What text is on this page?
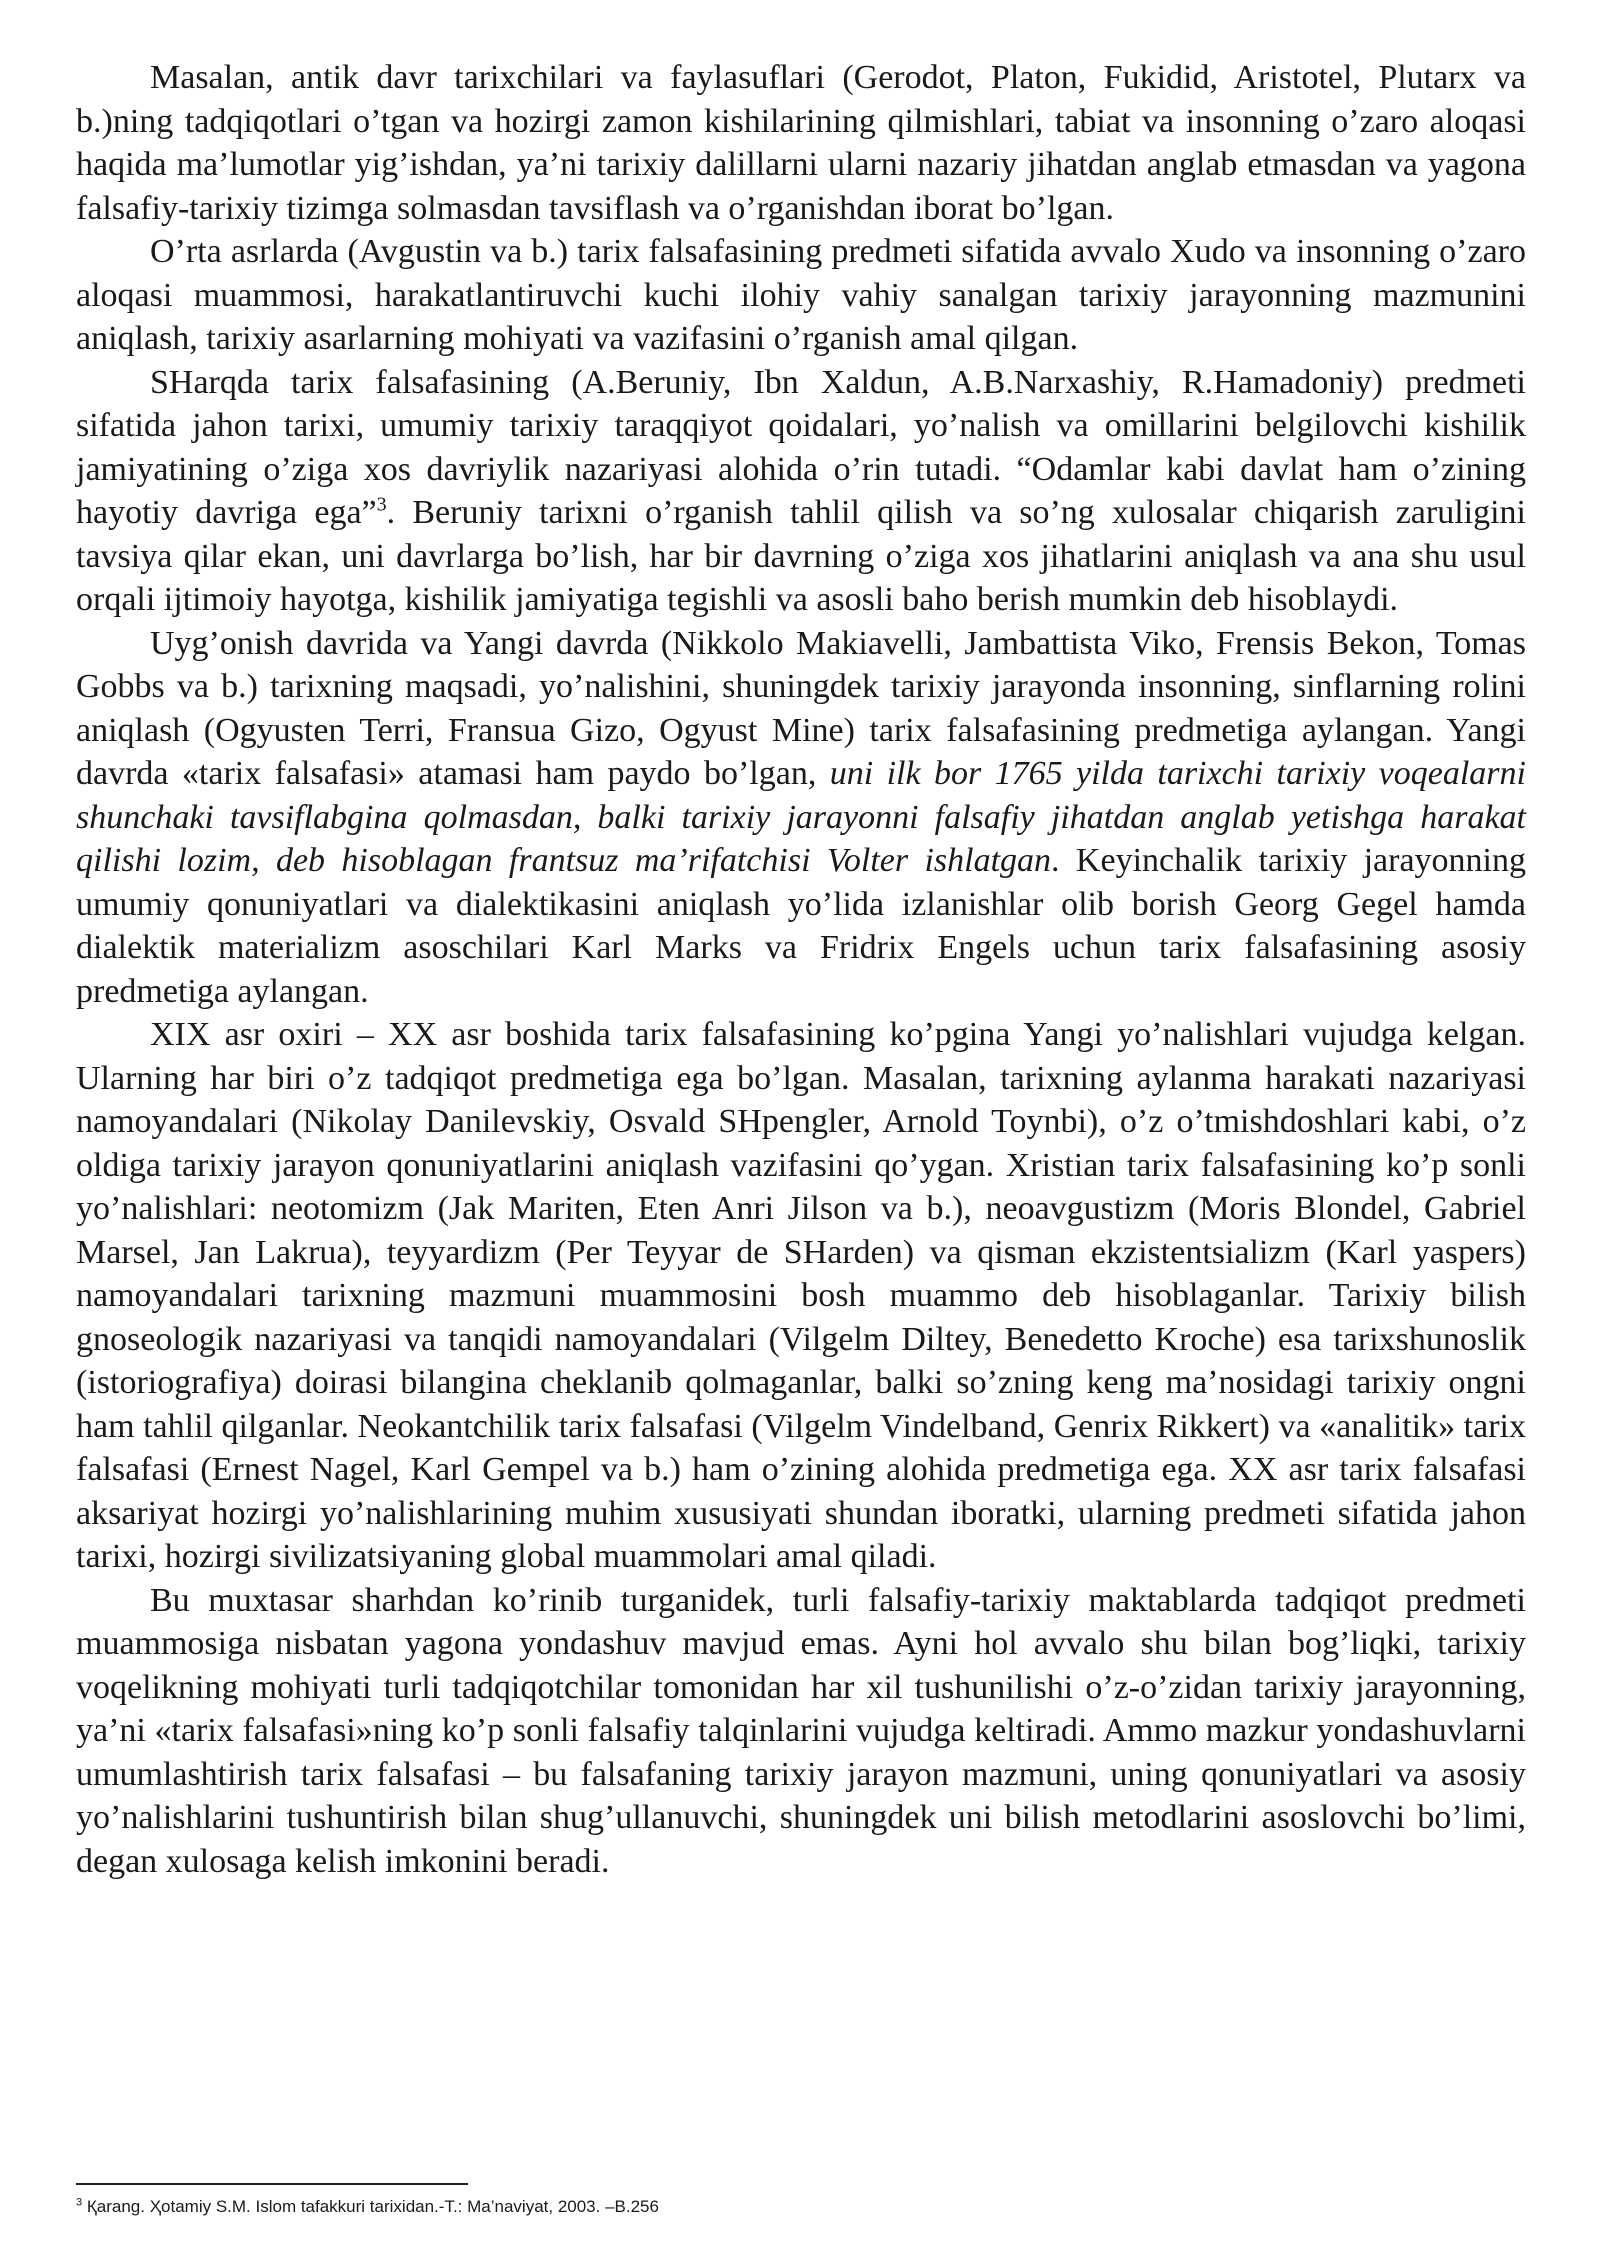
Masalan, antik davr tarixchilari va faylasuflari (Gerodot, Platon, Fukidid, Aristotel, Plutarx va b.)ning tadqiqotlari o’tgan va hozirgi zamon kishilarining qilmishlari, tabiat va insonning o’zaro aloqasi haqida ma’lumotlar yig’ishdan, ya’ni tarixiy dalillarni ularni nazariy jihatdan anglab etmasdan va yagona falsafiy-tarixiy tizimga solmasdan tavsiflash va o’rganishdan iborat bo’lgan.

O’rta asrlarda (Avgustin va b.) tarix falsafasining predmeti sifatida avvalo Xudo va insonning o’zaro aloqasi muammosi, harakatlantiruvchi kuchi ilohiy vahiy sanalgan tarixiy jarayonning mazmunini aniqlash, tarixiy asarlarning mohiyati va vazifasini o’rganish amal qilgan.

SHarqda tarix falsafasining (A.Beruniy, Ibn Xaldun, A.B.Narxashiy, R.Hamadoniy) predmeti sifatida jahon tarixi, umumiy tarixiy taraqqiyot qoidalari, yo’nalish va omillarini belgilovchi kishilik jamiyatining o’ziga xos davriylik nazariyasi alohida o’rin tutadi. “Odamlar kabi davlat ham o’zining hayotiy davriga ega”$^3$. Beruniy tarixni o’rganish tahlil qilish va so’ng xulosalar chiqarish zaruligini tavsiya qilar ekan, uni davrlarga bo’lish, har bir davrning o’ziga xos jihatlarini aniqlash va ana shu usul orqali ijtimoiy hayotga, kishilik jamiyatiga tegishli va asosli baho berish mumkin deb hisoblaydi.

Uyg’onish davrida va Yangi davrda (Nikkolo Makiavelli, Jambattista Viko, Frensis Bekon, Tomas Gobbs va b.) tarixning maqsadi, yo’nalishini, shuningdek tarixiy jarayonda insonning, sinflarning rolini aniqlash (Ogyusten Terri, Fransua Gizo, Ogyust Mine) tarix falsafasining predmetiga aylangan. Yangi davrda «tarix falsafasi» atamasi ham paydo bo’lgan, uni ilk bor 1765 yilda tarixchi tarixiy voqealarni shunchaki tavsiflabgina qolmasdan, balki tarixiy jarayonni falsafiy jihatdan anglab yetishga harakat qilishi lozim, deb hisoblagan frantsuz ma’rifatchisi Volter ishlatgan. Keyinchalik tarixiy jarayonning umumiy qonuniyatlari va dialektikasini aniqlash yo’lida izlanishlar olib borish Georg Gegel hamda dialektik materializm asoschilari Karl Marks va Fridrix Engels uchun tarix falsafasining asosiy predmetiga aylangan.

XIX asr oxiri – XX asr boshida tarix falsafasining ko’pgina Yangi yo’nalishlari vujudga kelgan. Ularning har biri o’z tadqiqot predmetiga ega bo’lgan. Masalan, tarixning aylanma harakati nazariyasi namoyandalari (Nikolay Danilevskiy, Osvald SHpengler, Arnold Toynbi), o’z o’tmishdoshlari kabi, o’z oldiga tarixiy jarayon qonuniyatlarini aniqlash vazifasini qo’ygan. Xristian tarix falsafasining ko’p sonli yo’nalishlari: neotomizm (Jak Mariten, Eten Anri Jilson va b.), neoavgustizm (Moris Blondel, Gabriel Marsel, Jan Lakrua), teyyardizm (Per Teyyar de SHarden) va qisman ekzistentsializm (Karl yaspers) namoyandalari tarixning mazmuni muammosini bosh muammo deb hisoblaganlar. Tarixiy bilish gnoseologik nazariyasi va tanqidi namoyandalari (Vilgelm Diltey, Benedetto Kroche) esa tarixshunoslik (istoriografiya) doirasi bilangina cheklanib qolmaganlar, balki so’zning keng ma’nosidagi tarixiy ongni ham tahlil qilganlar. Neokantchilik tarix falsafasi (Vilgelm Vindelband, Genrix Rikkert) va «analitik» tarix falsafasi (Ernest Nagel, Karl Gempel va b.) ham o’zining alohida predmetiga ega. XX asr tarix falsafasi aksariyat hozirgi yo’nalishlarining muhim xususiyati shundan iboratki, ularning predmeti sifatida jahon tarixi, hozirgi sivilizatsiyaning global muammolari amal qiladi.

Bu muxtasar sharhdan ko’rinib turganidek, turli falsafiy-tarixiy maktablarda tadqiqot predmeti muammosiga nisbatan yagona yondashuv mavjud emas. Ayni hol avvalo shu bilan bog’liqki, tarixiy voqelikning mohiyati turli tadqiqotchilar tomonidan har xil tushunilishi o’z-o’zidan tarixiy jarayonning, ya’ni «tarix falsafasi»ning ko’p sonli falsafiy talqinlarini vujudga keltiradi. Ammo mazkur yondashuvlarni umumlashtirish tarix falsafasi – bu falsafaning tarixiy jarayon mazmuni, uning qonuniyatlari va asosiy yo’nalishlarini tushuntirish bilan shug’ullanuvchi, shuningdek uni bilish metodlarini asoslovchi bo’limi, degan xulosaga kelish imkonini beradi.

$^3$ Қarang. Ҳotamiy S.M. Islom tafakkuri tarixidan.-T.: Ma’naviyat, 2003. –B.256
